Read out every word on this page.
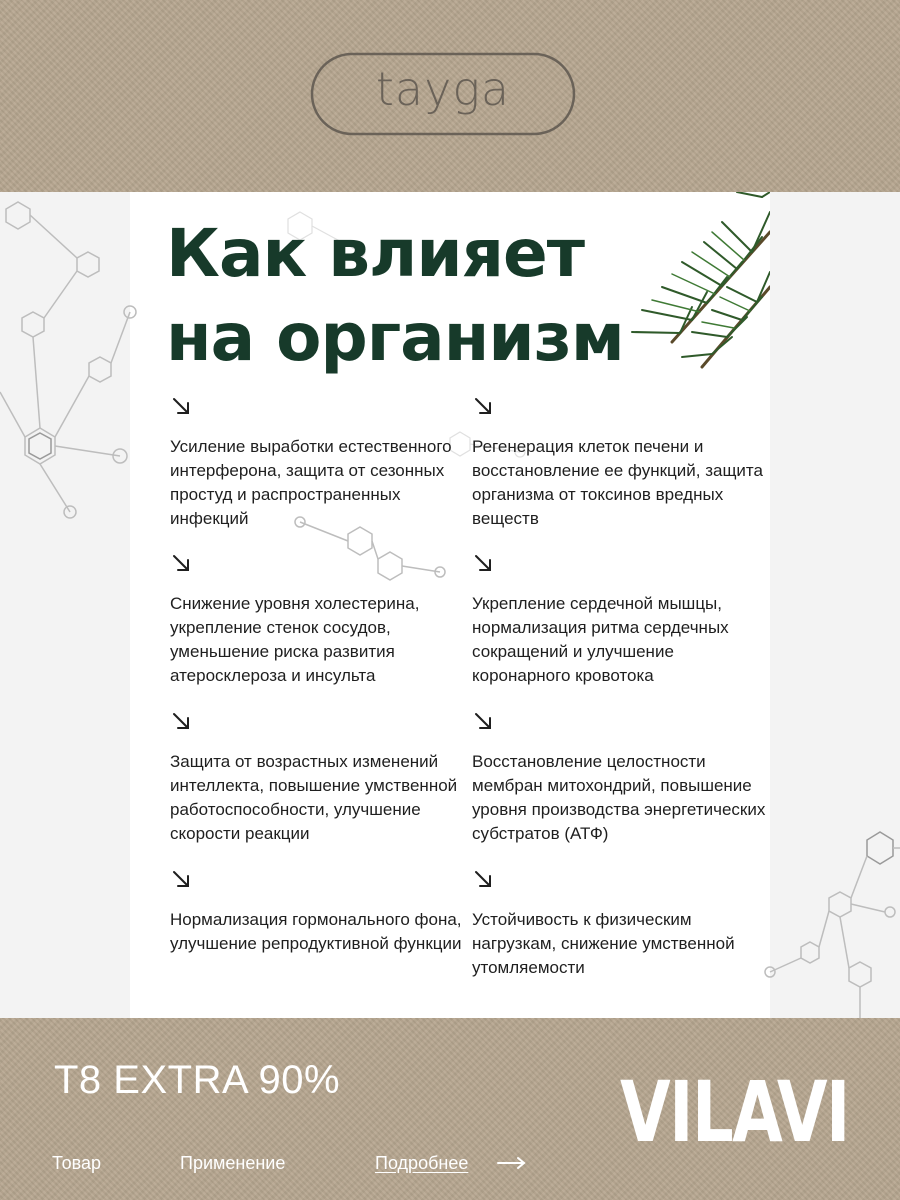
tayga
Как влияет
на организм

Усиление выработки естественного интерферона, защита от сезонных простуд и распространенных инфекций

Регенерация клеток печени и восстановление ее функций, защита организма от токсинов вредных веществ

Снижение уровня холестерина, укрепление стенок сосудов, уменьшение риска развития атеросклероза и инсульта

Укрепление сердечной мышцы, нормализация ритма сердечных сокращений и улучшение коронарного кровотока

Защита от возрастных изменений интеллекта, повышение умственной работоспособности, улучшение скорости реакции

Восстановление целостности мембран митохондрий, повышение уровня производства энергетических субстратов (АТФ)

Нормализация гормонального фона, улучшение репродуктивной функции

Устойчивость к физическим нагрузкам, снижение умственной утомляемости

T8 EXTRA 90%	VILAVI

Товар	Применение	Подробнее
